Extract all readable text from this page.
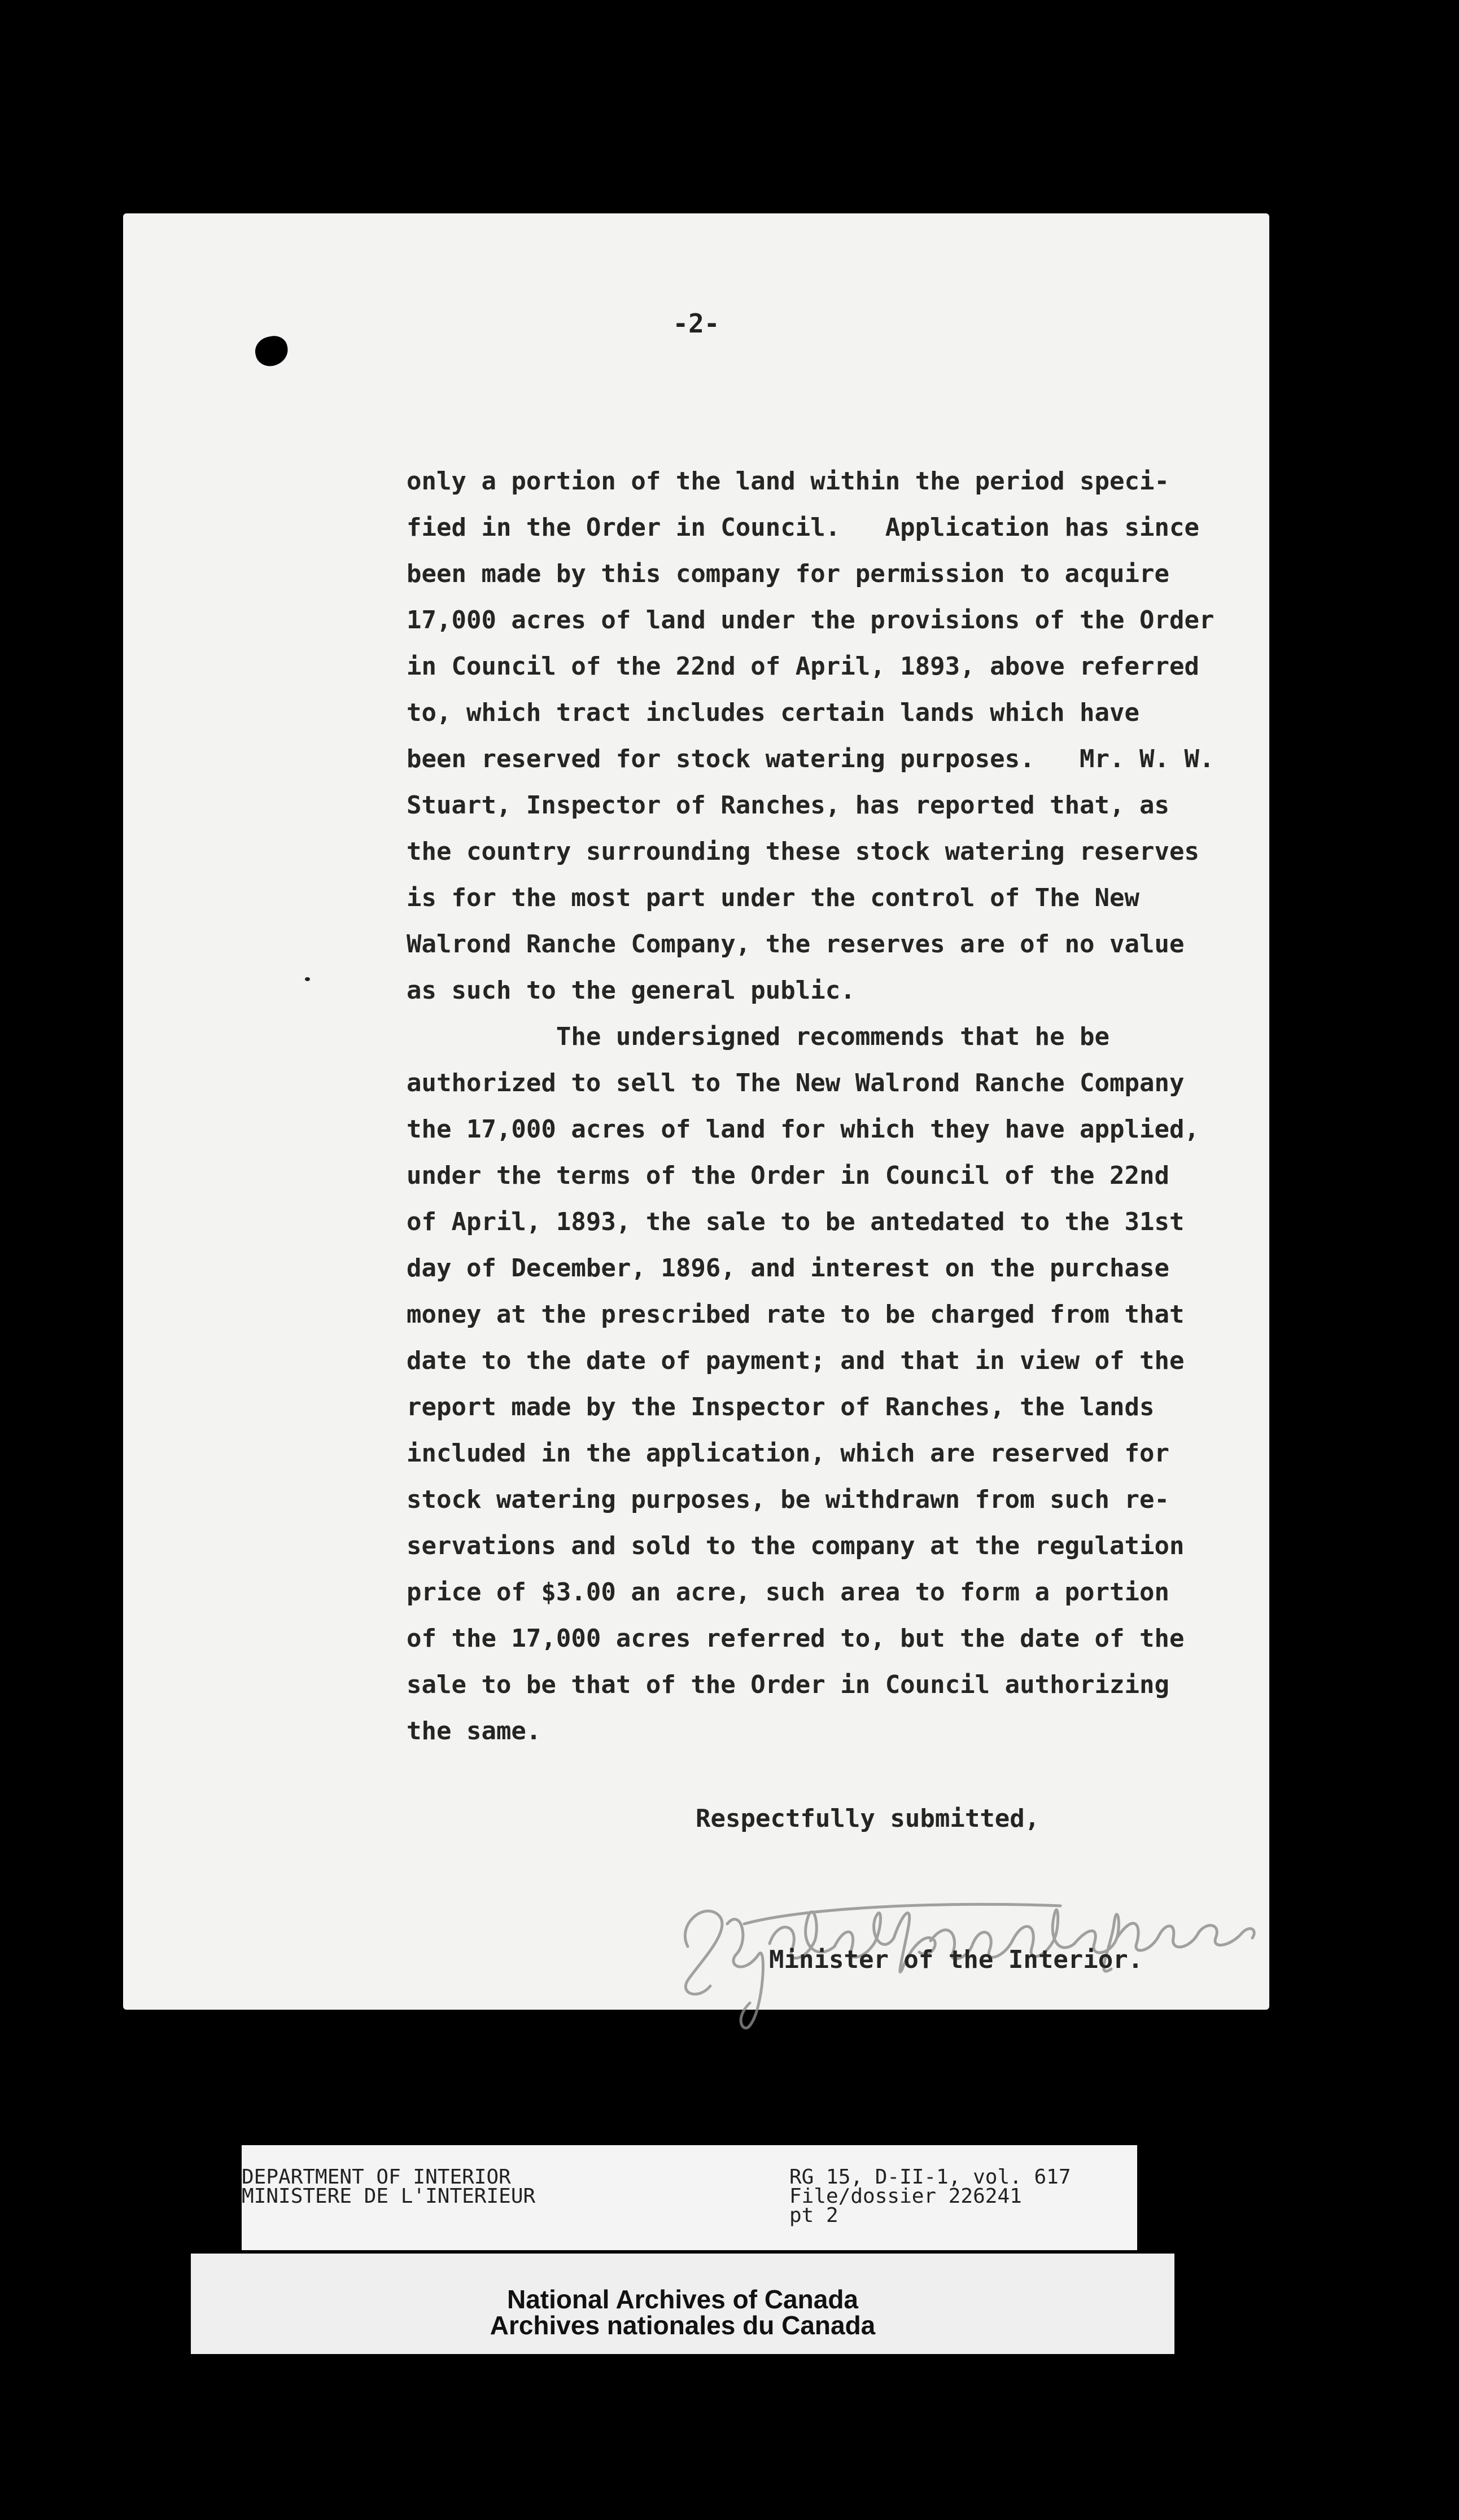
-2-
only a portion of the land within the period speci-
fied in the Order in Council.   Application has since
been made by this company for permission to acquire
17,000 acres of land under the provisions of the Order
in Council of the 22nd of April, 1893, above referred
to, which tract includes certain lands which have
been reserved for stock watering purposes.   Mr. W. W.
Stuart, Inspector of Ranches, has reported that, as
the country surrounding these stock watering reserves
is for the most part under the control of The New
Walrond Ranche Company, the reserves are of no value
as such to the general public.
The undersigned recommends that he be
authorized to sell to The New Walrond Ranche Company
the 17,000 acres of land for which they have applied,
under the terms of the Order in Council of the 22nd
of April, 1893, the sale to be antedated to the 31st
day of December, 1896, and interest on the purchase
money at the prescribed rate to be charged from that
date to the date of payment; and that in view of the
report made by the Inspector of Ranches, the lands
included in the application, which are reserved for
stock watering purposes, be withdrawn from such re-
servations and sold to the company at the regulation
price of $3.00 an acre, such area to form a portion
of the 17,000 acres referred to, but the date of the
sale to be that of the Order in Council authorizing
the same.
Respectfully submitted,
Minister of the Interior.
DEPARTMENT OF INTERIOR
MINISTERE DE L'INTERIEUR
RG 15, D-II-1, vol. 617
File/dossier 226241
pt 2
National Archives of Canada
Archives nationales du Canada
